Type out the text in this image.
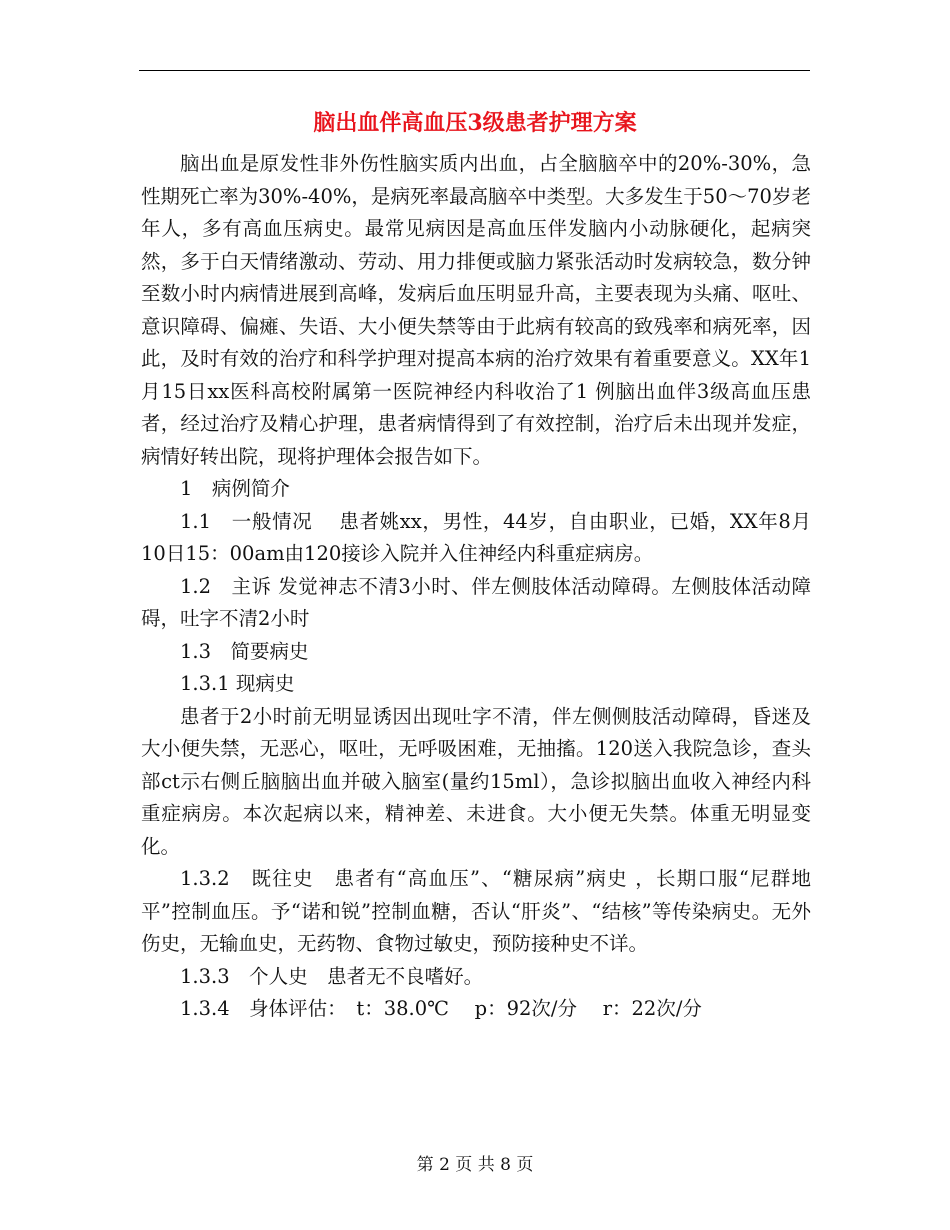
脑出血伴高血压3级患者护理方案

脑出血是原发性非外伤性脑实质内出血，占全脑脑卒中的20%-30%，急性期死亡率为30%-40%，是病死率最高脑卒中类型。大多发生于50～70岁老年人，多有高血压病史。最常见病因是高血压伴发脑内小动脉硬化，起病突然，多于白天情绪激动、劳动、用力排便或脑力紧张活动时发病较急，数分钟至数小时内病情进展到高峰，发病后血压明显升高，主要表现为头痛、呕吐、意识障碍、偏瘫、失语、大小便失禁等由于此病有较高的致残率和病死率，因此，及时有效的治疗和科学护理对提高本病的治疗效果有着重要意义。XX年1月15日xx医科高校附属第一医院神经内科收治了1 例脑出血伴3级高血压患者，经过治疗及精心护理，患者病情得到了有效控制，治疗后未出现并发症，病情好转出院，现将护理体会报告如下。

1　病例简介

1.1　一般情况　 患者姚xx，男性，44岁，自由职业，已婚，XX年8月10日15：00am由120接诊入院并入住神经内科重症病房。

1.2　主诉 发觉神志不清3小时、伴左侧肢体活动障碍。左侧肢体活动障碍，吐字不清2小时

1.3　简要病史

1.3.1 现病史

患者于2小时前无明显诱因出现吐字不清，伴左侧侧肢活动障碍，昏迷及大小便失禁，无恶心，呕吐，无呼吸困难，无抽搐。120送入我院急诊，查头部ct示右侧丘脑脑出血并破入脑室(量约15ml），急诊拟脑出血收入神经内科重症病房。本次起病以来，精神差、未进食。大小便无失禁。体重无明显变化。

1.3.2　既往史　患者有“高血压”、“糖尿病”病史 ，长期口服“尼群地平”控制血压。予“诺和锐”控制血糖，否认“肝炎”、“结核”等传染病史。无外伤史，无输血史，无药物、食物过敏史，预防接种史不详。

1.3.3　个人史　患者无不良嗜好。

1.3.4　身体评估：　t：38.0℃　 p：92次/分　 r：22次/分

第 2 页 共 8 页
